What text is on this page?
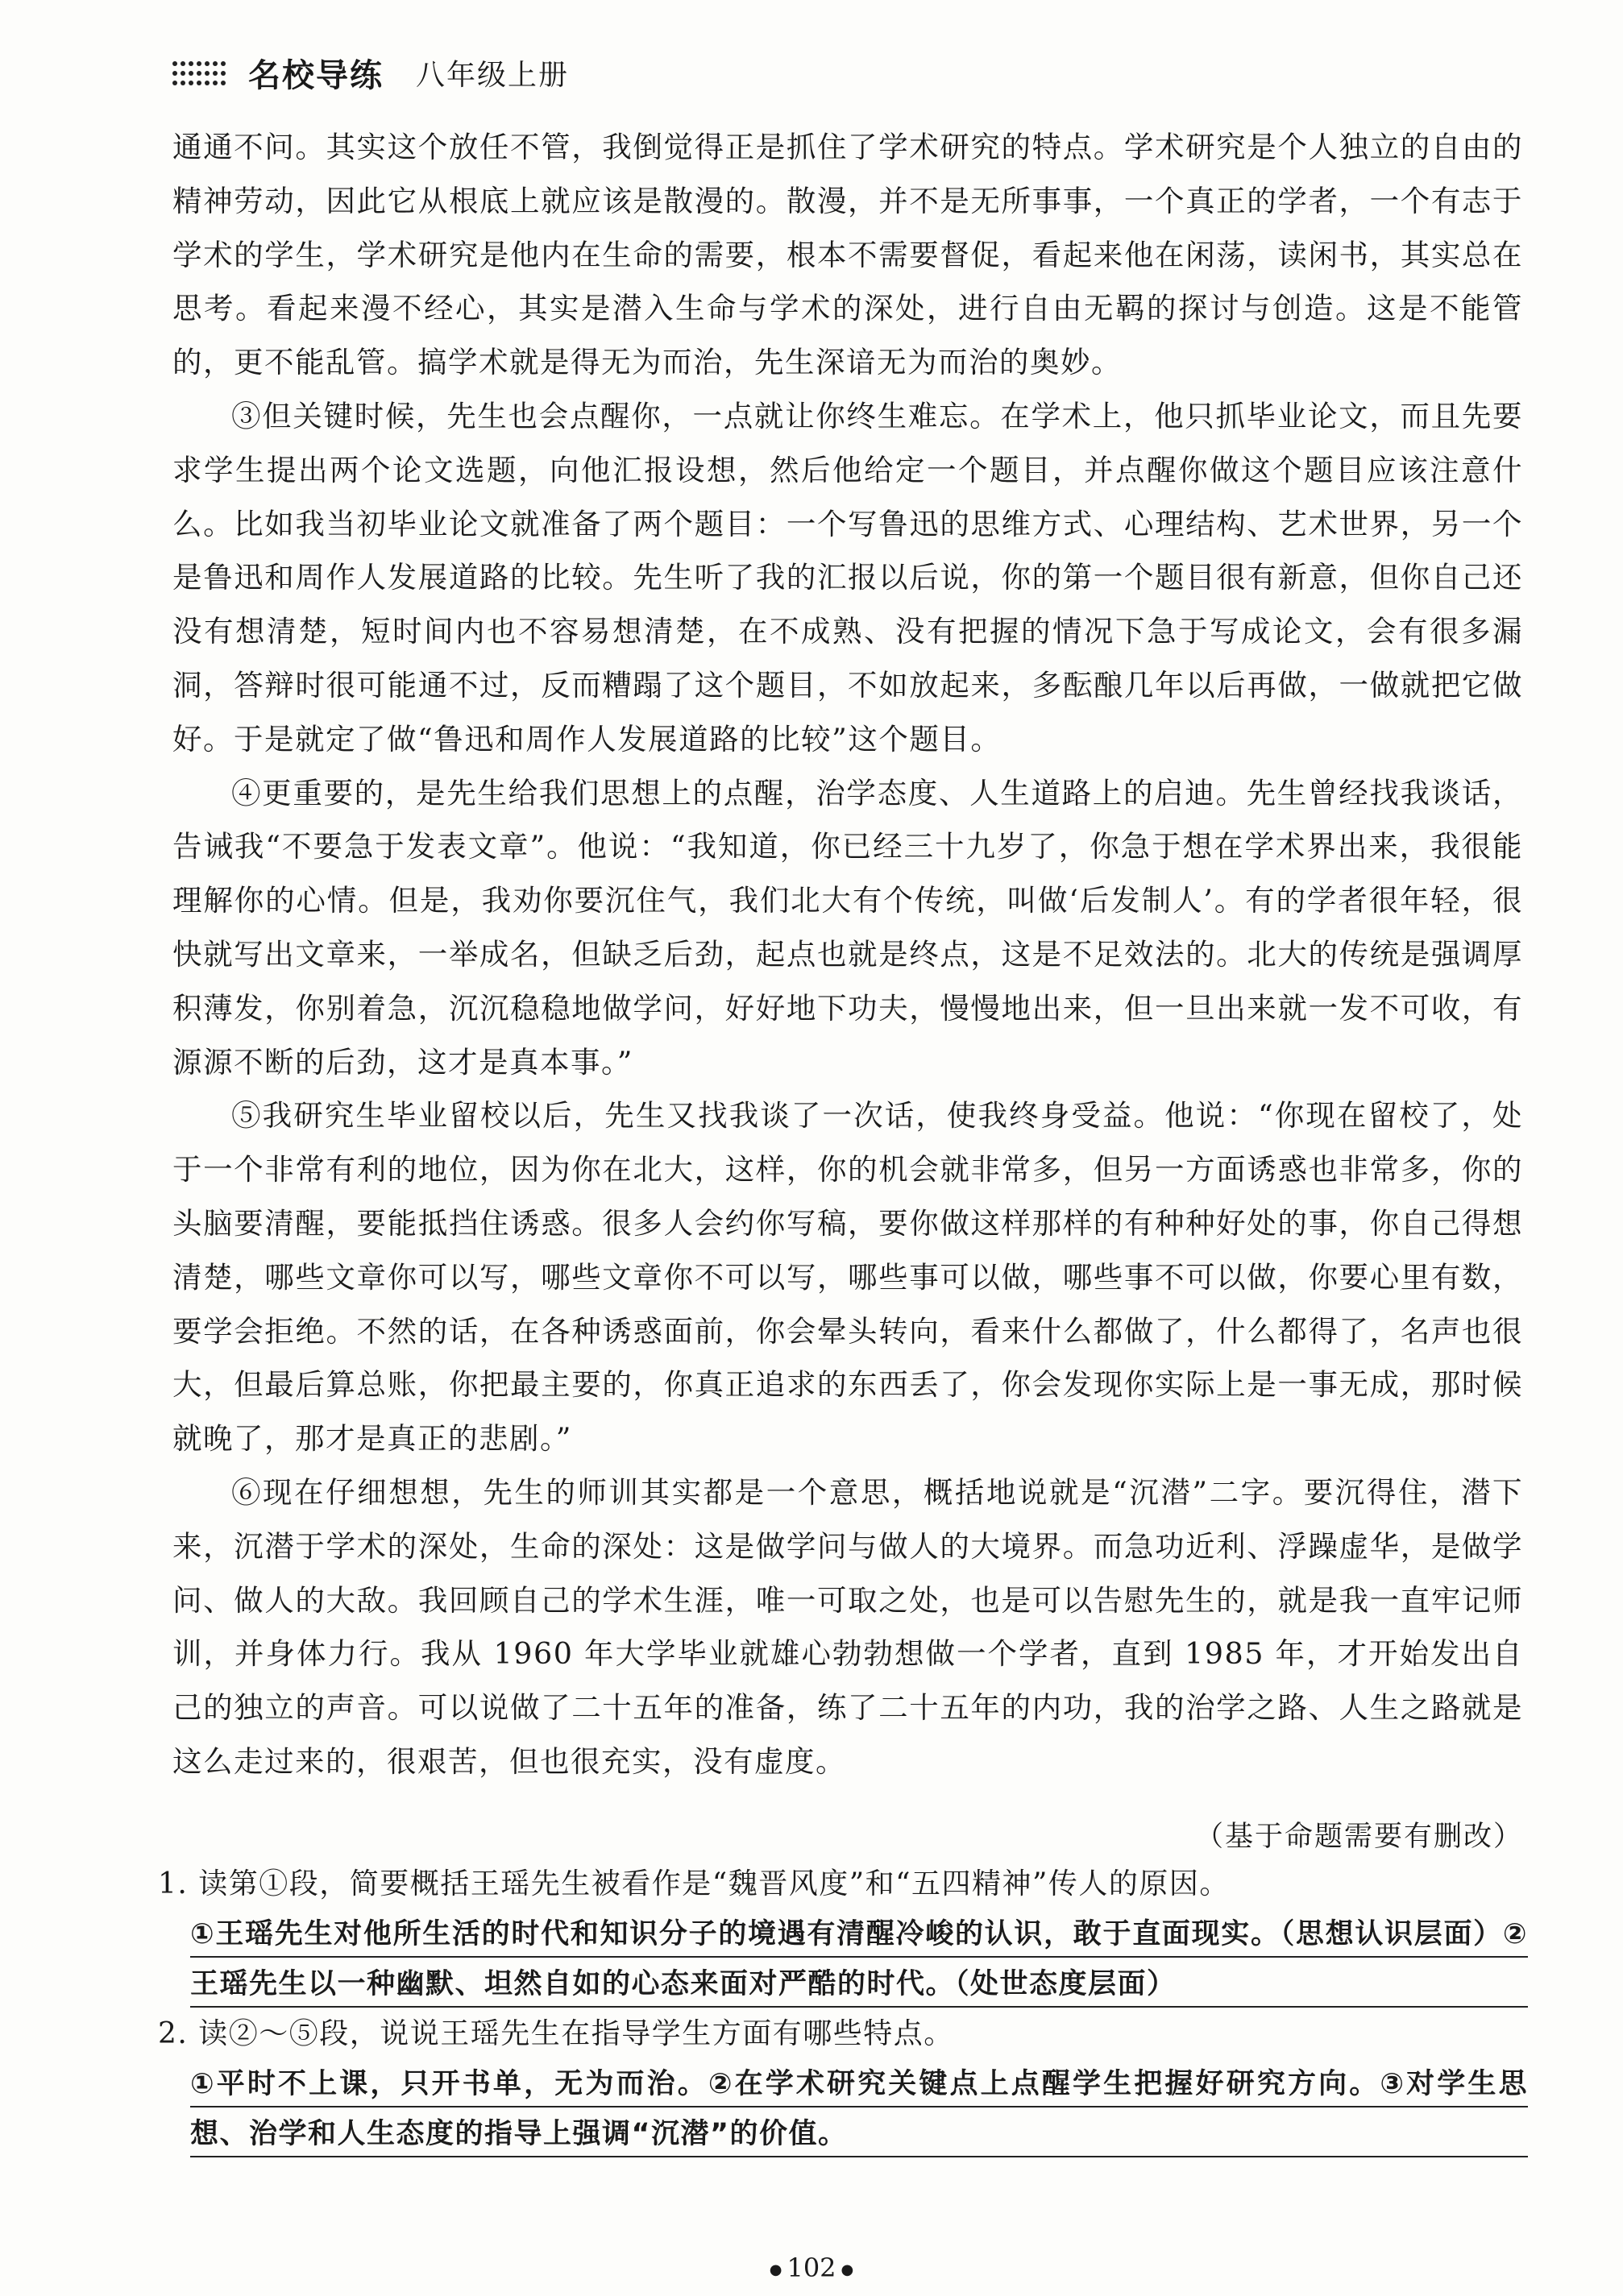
名校导练 八年级上册

通通不问。其实这个放任不管，我倒觉得正是抓住了学术研究的特点。学术研究是个人独立的自由的精神劳动，因此它从根底上就应该是散漫的。散漫，并不是无所事事，一个真正的学者，一个有志于学术的学生，学术研究是他内在生命的需要，根本不需要督促，看起来他在闲荡，读闲书，其实总在思考。看起来漫不经心，其实是潜入生命与学术的深处，进行自由无羁的探讨与创造。这是不能管的，更不能乱管。搞学术就是得无为而治，先生深谙无为而治的奥妙。

③但关键时候，先生也会点醒你，一点就让你终生难忘。在学术上，他只抓毕业论文，而且先要求学生提出两个论文选题，向他汇报设想，然后他给定一个题目，并点醒你做这个题目应该注意什么。比如我当初毕业论文就准备了两个题目：一个写鲁迅的思维方式、心理结构、艺术世界，另一个是鲁迅和周作人发展道路的比较。先生听了我的汇报以后说，你的第一个题目很有新意，但你自己还没有想清楚，短时间内也不容易想清楚，在不成熟、没有把握的情况下急于写成论文，会有很多漏洞，答辩时很可能通不过，反而糟蹋了这个题目，不如放起来，多酝酿几年以后再做，一做就把它做好。于是就定了做“鲁迅和周作人发展道路的比较”这个题目。

④更重要的，是先生给我们思想上的点醒，治学态度、人生道路上的启迪。先生曾经找我谈话，告诫我“不要急于发表文章”。他说：“我知道，你已经三十九岁了，你急于想在学术界出来，我很能理解你的心情。但是，我劝你要沉住气，我们北大有个传统，叫做‘后发制人’。有的学者很年轻，很快就写出文章来，一举成名，但缺乏后劲，起点也就是终点，这是不足效法的。北大的传统是强调厚积薄发，你别着急，沉沉稳稳地做学问，好好地下功夫，慢慢地出来，但一旦出来就一发不可收，有源源不断的后劲，这才是真本事。”

⑤我研究生毕业留校以后，先生又找我谈了一次话，使我终身受益。他说：“你现在留校了，处于一个非常有利的地位，因为你在北大，这样，你的机会就非常多，但另一方面诱惑也非常多，你的头脑要清醒，要能抵挡住诱惑。很多人会约你写稿，要你做这样那样的有种种好处的事，你自己得想清楚，哪些文章你可以写，哪些文章你不可以写，哪些事可以做，哪些事不可以做，你要心里有数，要学会拒绝。不然的话，在各种诱惑面前，你会晕头转向，看来什么都做了，什么都得了，名声也很大，但最后算总账，你把最主要的，你真正追求的东西丢了，你会发现你实际上是一事无成，那时候就晚了，那才是真正的悲剧。”

⑥现在仔细想想，先生的师训其实都是一个意思，概括地说就是“沉潜”二字。要沉得住，潜下来，沉潜于学术的深处，生命的深处：这是做学问与做人的大境界。而急功近利、浮躁虚华，是做学问、做人的大敌。我回顾自己的学术生涯，唯一可取之处，也是可以告慰先生的，就是我一直牢记师训，并身体力行。我从 1960 年大学毕业就雄心勃勃想做一个学者，直到 1985 年，才开始发出自己的独立的声音。可以说做了二十五年的准备，练了二十五年的内功，我的治学之路、人生之路就是这么走过来的，很艰苦，但也很充实，没有虚度。

（基于命题需要有删改）
1. 读第①段，简要概括王瑶先生被看作是“魏晋风度”和“五四精神”传人的原因。
①王瑶先生对他所生活的时代和知识分子的境遇有清醒冷峻的认识，敢于直面现实。（思想认识层面）②王瑶先生以一种幽默、坦然自如的心态来面对严酷的时代。（处世态度层面）
2. 读②～⑤段，说说王瑶先生在指导学生方面有哪些特点。
①平时不上课，只开书单，无为而治。②在学术研究关键点上点醒学生把握好研究方向。③对学生思想、治学和人生态度的指导上强调“沉潜”的价值。
● 102 ●
